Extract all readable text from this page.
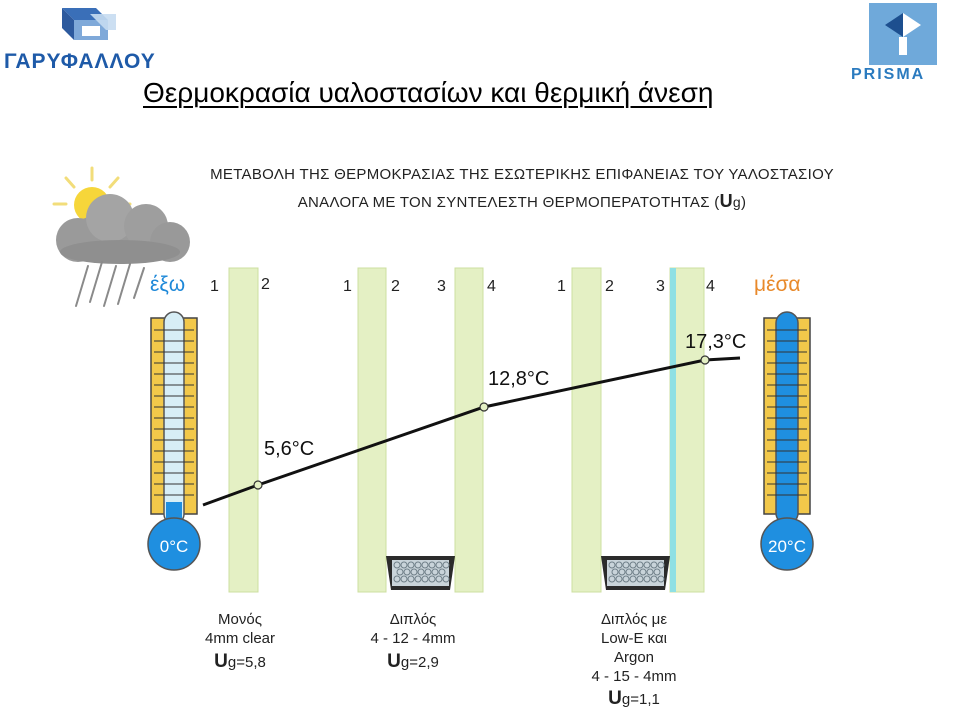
ΓΑΡΥΦΑΛΛΟΥ
PRISMA
Θερμοκρασία υαλοστασίων και θερμική άνεση
ΜΕΤΑΒΟΛΗ ΤΗΣ ΘΕΡΜΟΚΡΑΣΙΑΣ ΤΗΣ ΕΣΩΤΕΡΙΚΗΣ ΕΠΙΦΑΝΕΙΑΣ ΤΟΥ ΥΑΛΟΣΤΑΣΙΟΥ
ΑΝΑΛΟΓΑ ΜΕ ΤΟΝ ΣΥΝΤΕΛΕΣΤΗ ΘΕΡΜΟΠΕΡΑΤΟΤΗΤΑΣ (Ug)
έξω	μέσα
0°C	20°C
1	2	1 2 3	4	1 2	3	4
5,6°C
12,8°C
17,3°C
Μονός
4mm clear
Ug=5,8
Διπλός
4 - 12 - 4mm
Ug=2,9
Διπλός με
Low-E και
Argon
4 - 15 - 4mm
Ug=1,1
